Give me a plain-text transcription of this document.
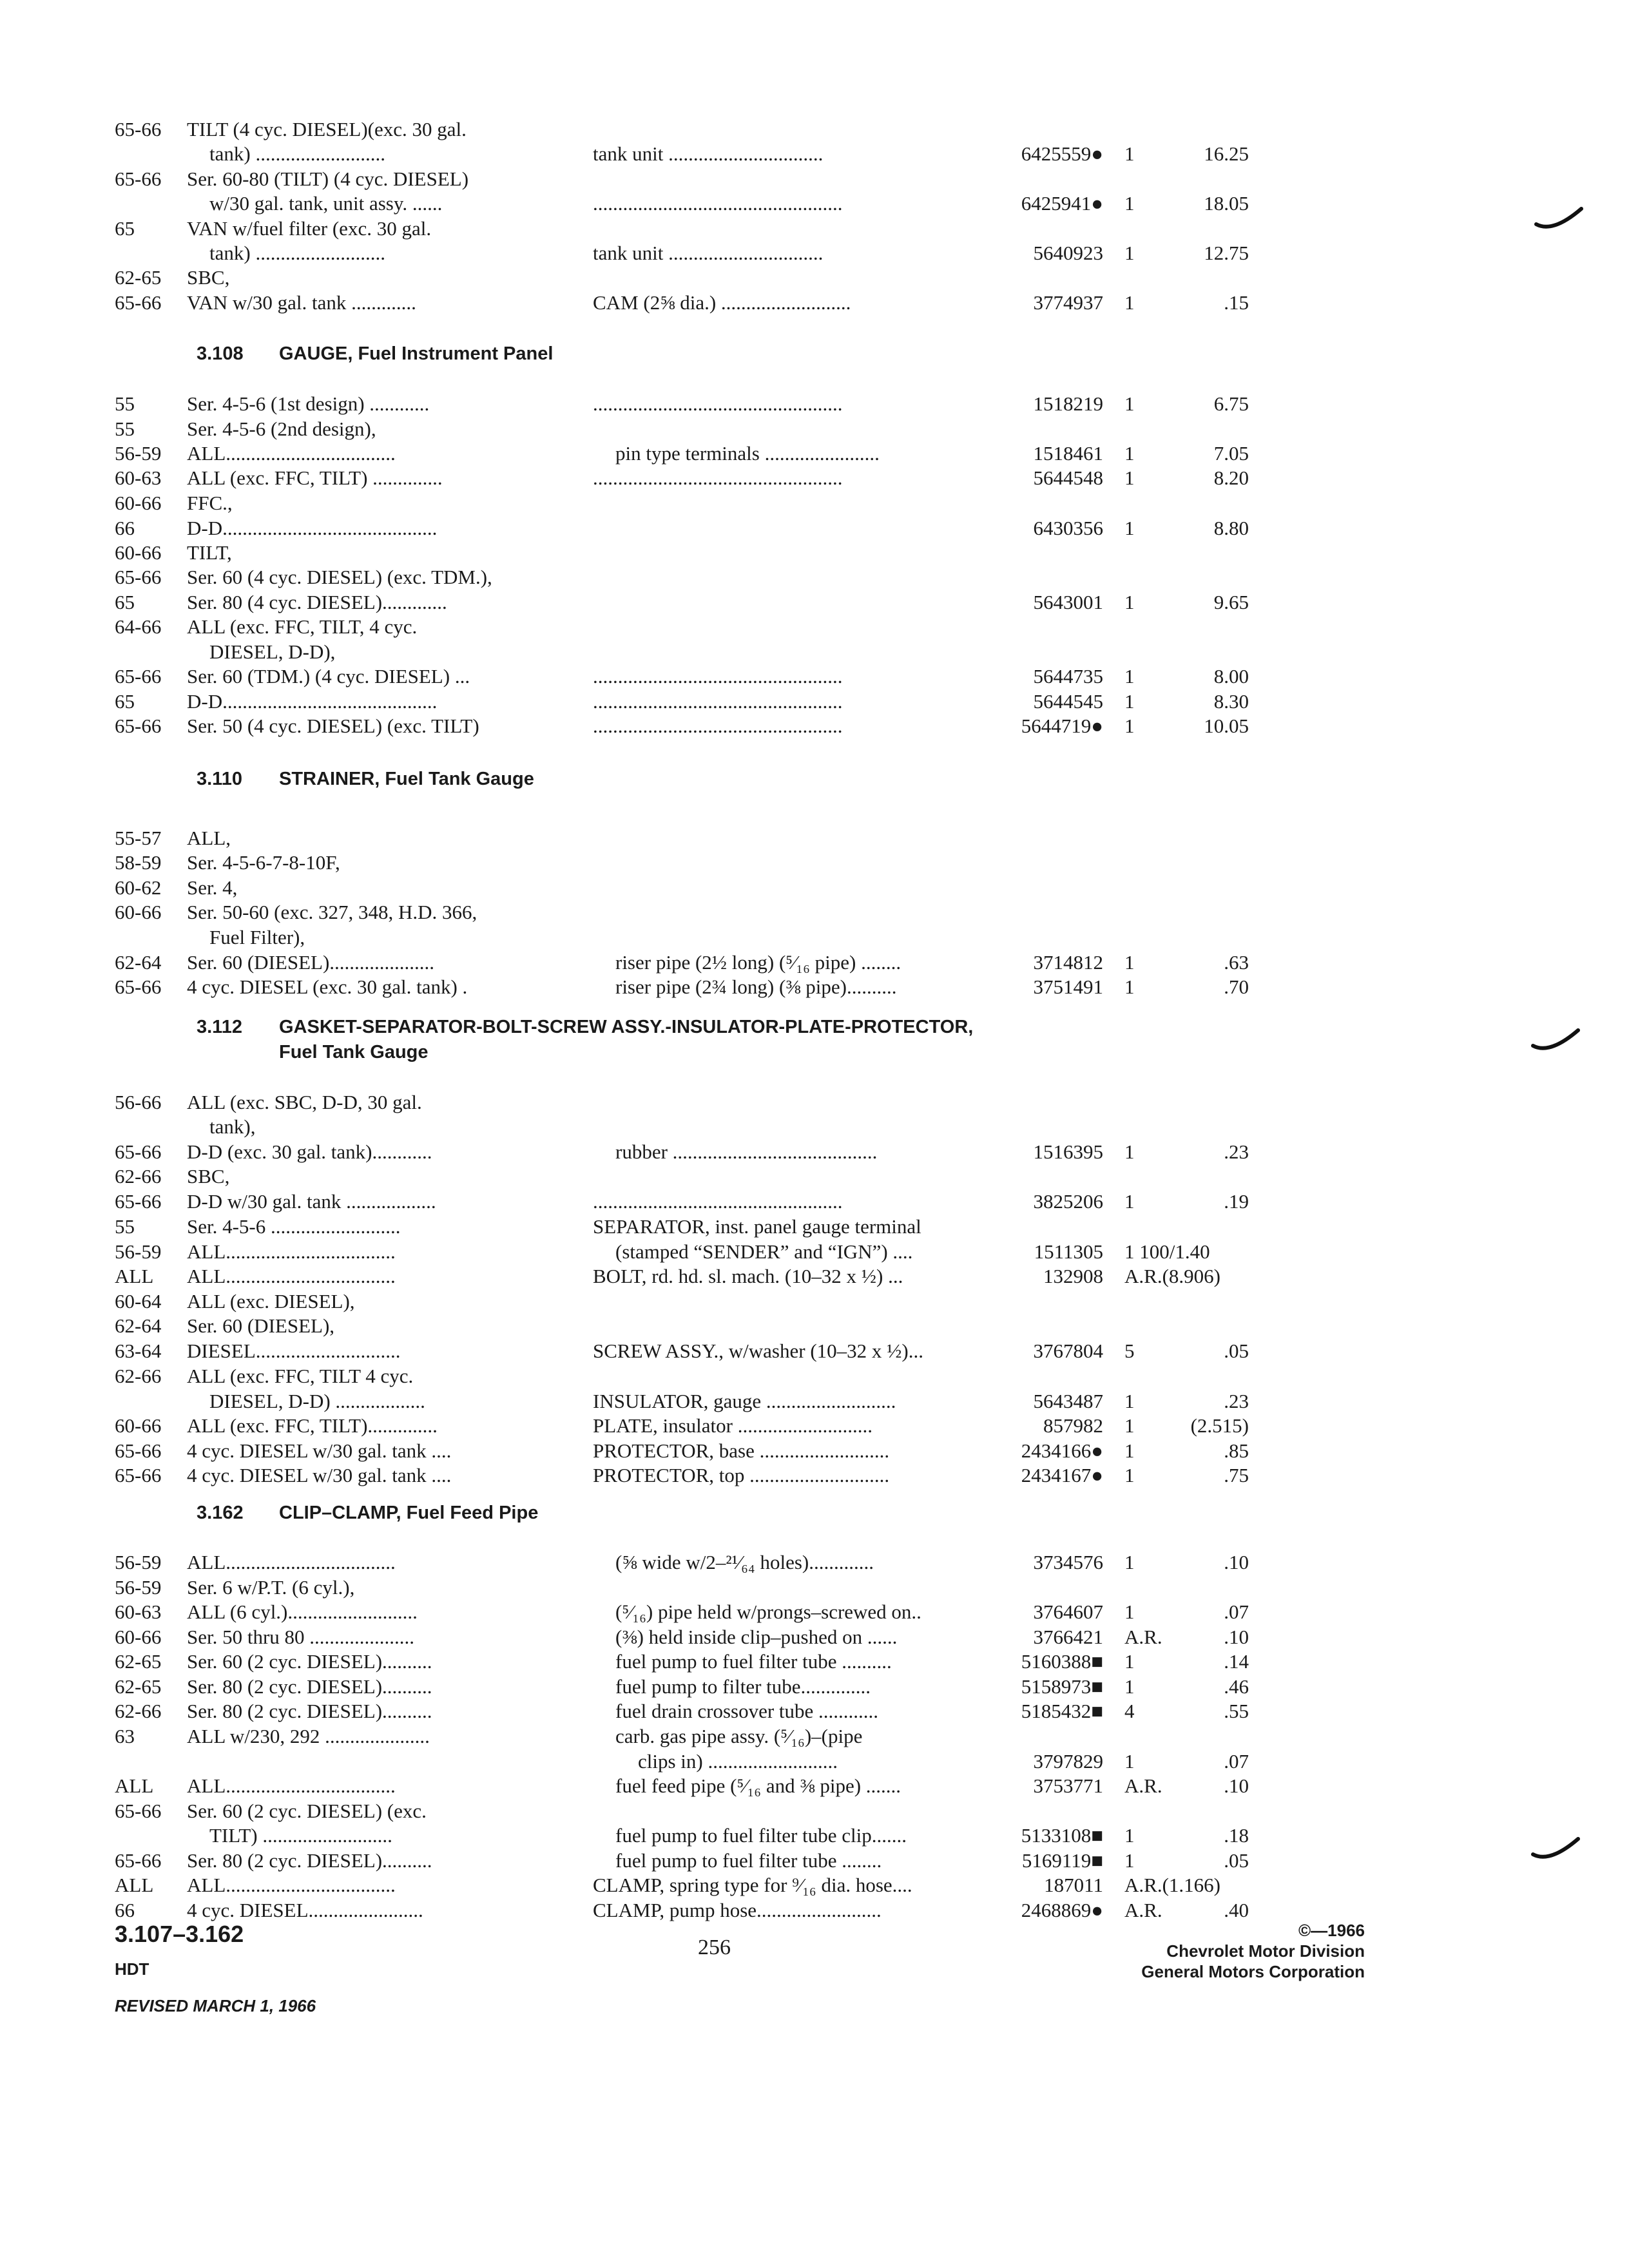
3.108 GAUGE, Fuel Instrument Panel
3.110 STRAINER, Fuel Tank Gauge
3.112 GASKET-SEPARATOR-BOLT-SCREW ASSY.-INSULATOR-PLATE-PROTECTOR,
Fuel Tank Gauge
3.162 CLIP–CLAMP, Fuel Feed Pipe
65-66 TILT (4 cyc. DIESEL)(exc. 30 gal.
tank) ..........................	tank unit ...............................	6425559● 1	16.25
65-66 Ser. 60-80 (TILT) (4 cyc. DIESEL)
w/30 gal. tank, unit assy. ......	..................................................	6425941● 1	18.05
65	VAN w/fuel filter (exc. 30 gal.
tank) ..........................	tank unit ...............................	5640923 1	12.75
62-65 SBC,
65-66 VAN w/30 gal. tank .............	CAM (2⅝ dia.) ..........................	3774937 1	.15
55	Ser. 4-5-6 (1st design) ............	..................................................	1518219 1	6.75
55	Ser. 4-5-6 (2nd design),
56-59 ALL..................................	pin type terminals .......................	1518461 1	7.05
60-63 ALL (exc. FFC, TILT) ..............	..................................................	5644548 1	8.20
60-66 FFC.,
66	D-D...........................................	6430356 1	8.80
60-66 TILT,
65-66 Ser. 60 (4 cyc. DIESEL) (exc. TDM.),
65	Ser. 80 (4 cyc. DIESEL).............	5643001 1	9.65
64-66 ALL (exc. FFC, TILT, 4 cyc.
DIESEL, D-D),
65-66 Ser. 60 (TDM.) (4 cyc. DIESEL) ...	..................................................	5644735 1	8.00
65	D-D...........................................	..................................................	5644545 1	8.30
65-66 Ser. 50 (4 cyc. DIESEL) (exc. TILT)	..................................................	5644719● 1	10.05
55-57 ALL,
58-59 Ser. 4-5-6-7-8-10F,
60-62 Ser. 4,
60-66 Ser. 50-60 (exc. 327, 348, H.D. 366,
Fuel Filter),
62-64 Ser. 60 (DIESEL).....................	riser pipe (2½ long) (⁵⁄₁₆ pipe) ........	3714812 1	.63
65-66 4 cyc. DIESEL (exc. 30 gal. tank) .	riser pipe (2¾ long) (⅜ pipe)..........	3751491 1	.70
56-66 ALL (exc. SBC, D-D, 30 gal.
tank),
65-66 D-D (exc. 30 gal. tank)............	rubber .........................................	1516395 1	.23
62-66 SBC,
65-66 D-D w/30 gal. tank ..................	..................................................	3825206 1	.19
55	Ser. 4-5-6 ..........................	SEPARATOR, inst. panel gauge terminal
56-59 ALL..................................	(stamped “SENDER” and “IGN”) ....	1511305 1 100/1.40
ALL ALL..................................	BOLT, rd. hd. sl. mach. (10–32 x ½) ...	132908 A.R.(8.906)
60-64 ALL (exc. DIESEL),
62-64 Ser. 60 (DIESEL),
63-64 DIESEL.............................	SCREW ASSY., w/washer (10–32 x ½)...	3767804 5	.05
62-66 ALL (exc. FFC, TILT 4 cyc.
DIESEL, D-D) ..................	INSULATOR, gauge ..........................	5643487 1	.23
60-66 ALL (exc. FFC, TILT)..............	PLATE, insulator ...........................	857982 1	(2.515)
65-66 4 cyc. DIESEL w/30 gal. tank ....	PROTECTOR, base ..........................	2434166● 1	.85
65-66 4 cyc. DIESEL w/30 gal. tank ....	PROTECTOR, top ............................	2434167● 1	.75
56-59 ALL..................................	(⅝ wide w/2–²¹⁄₆₄ holes).............	3734576 1	.10
56-59 Ser. 6 w/P.T. (6 cyl.),
60-63 ALL (6 cyl.)..........................	(⁵⁄₁₆) pipe held w/prongs–screwed on..	3764607 1	.07
60-66 Ser. 50 thru 80 .....................	(⅜) held inside clip–pushed on ......	3766421 A.R.	.10
62-65 Ser. 60 (2 cyc. DIESEL)..........	fuel pump to fuel filter tube ..........	5160388■ 1	.14
62-65 Ser. 80 (2 cyc. DIESEL)..........	fuel pump to filter tube..............	5158973■ 1	.46
62-66 Ser. 80 (2 cyc. DIESEL)..........	fuel drain crossover tube ............	5185432■ 4	.55
63	ALL w/230, 292 .....................	carb. gas pipe assy. (⁵⁄₁₆)–(pipe
clips in) ..........................	3797829 1	.07
ALL ALL..................................	fuel feed pipe (⁵⁄₁₆ and ⅜ pipe) .......	3753771 A.R.	.10
65-66 Ser. 60 (2 cyc. DIESEL) (exc.
TILT) ..........................	fuel pump to fuel filter tube clip.......	5133108■ 1	.18
65-66 Ser. 80 (2 cyc. DIESEL)..........	fuel pump to fuel filter tube ........	5169119■ 1	.05
ALL ALL..................................	CLAMP, spring type for ⁹⁄₁₆ dia. hose....	187011 A.R.(1.166)
66	4 cyc. DIESEL.......................	CLAMP, pump hose.........................	2468869● A.R.	.40
3.107–3.162
HDT
REVISED MARCH 1, 1966
256
©—1966
Chevrolet Motor Division
General Motors Corporation
